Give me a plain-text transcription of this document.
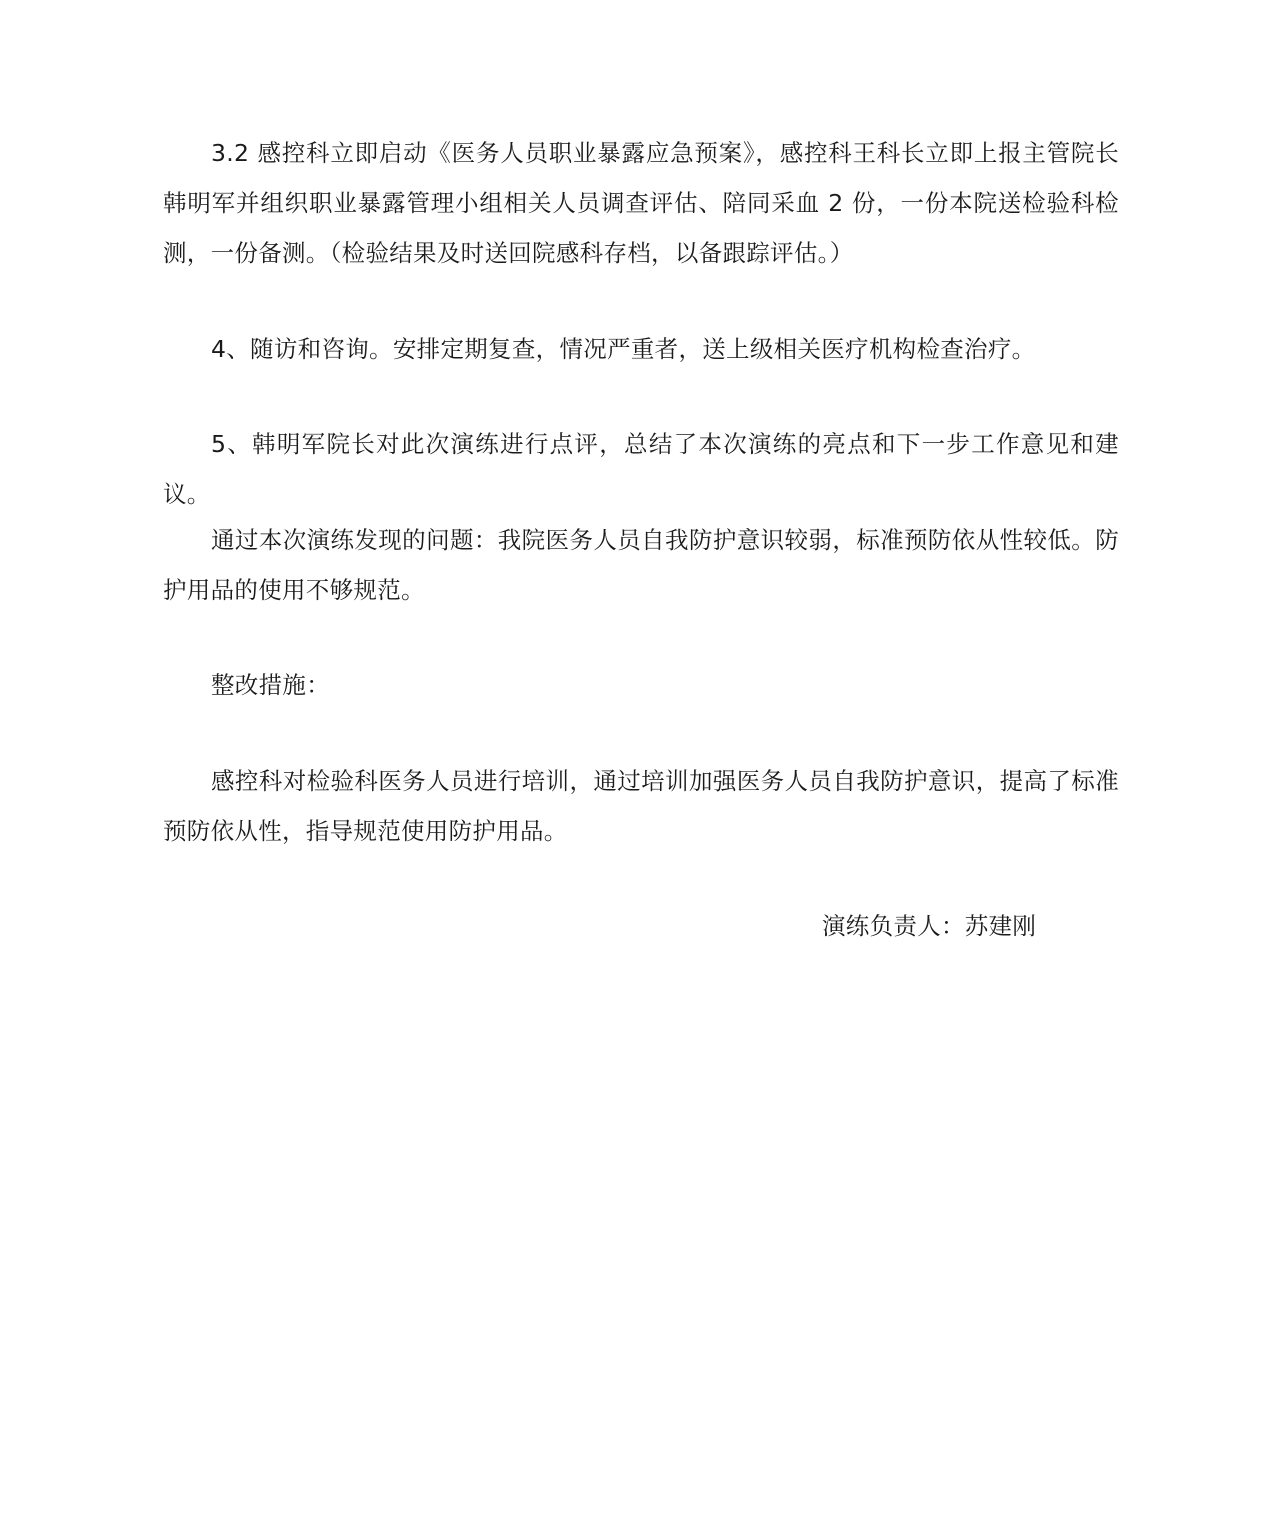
3.2 感控科立即启动《医务人员职业暴露应急预案》，感控科王科长立即上报主管院长韩明军并组织职业暴露管理小组相关人员调查评估、陪同采血 2 份，一份本院送检验科检测，一份备测。（检验结果及时送回院感科存档，以备跟踪评估。）

4、随访和咨询。安排定期复查，情况严重者，送上级相关医疗机构检查治疗。

5、韩明军院长对此次演练进行点评，总结了本次演练的亮点和下一步工作意见和建议。

通过本次演练发现的问题：我院医务人员自我防护意识较弱，标准预防依从性较低。防护用品的使用不够规范。

整改措施：

感控科对检验科医务人员进行培训，通过培训加强医务人员自我防护意识，提高了标准预防依从性，指导规范使用防护用品。

演练负责人：苏建刚
